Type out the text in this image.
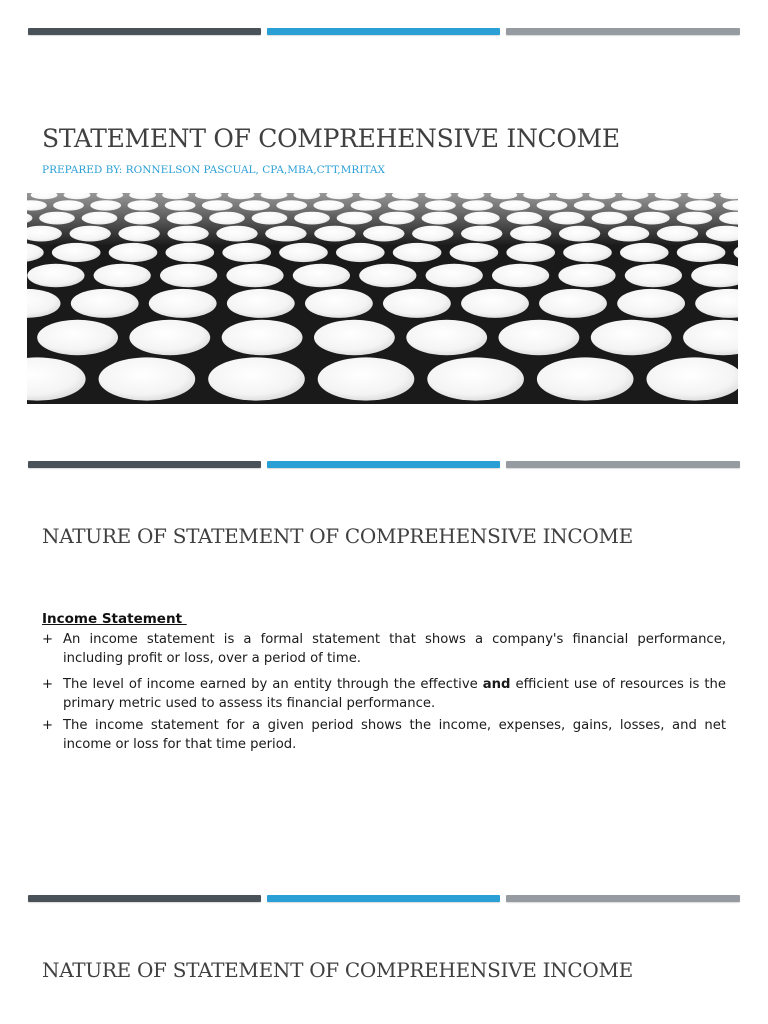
STATEMENT OF COMPREHENSIVE INCOME
PREPARED BY: RONNELSON PASCUAL, CPA,MBA,CTT,MRITAX
NATURE OF STATEMENT OF COMPREHENSIVE INCOME
Income Statement
+ An income statement is a formal statement that shows a company's financial performance, including profit or loss, over a period of time.
+ The level of income earned by an entity through the effective and efficient use of resources is the primary metric used to assess its financial performance.
+ The income statement for a given period shows the income, expenses, gains, losses, and net income or loss for that time period.
NATURE OF STATEMENT OF COMPREHENSIVE INCOME
